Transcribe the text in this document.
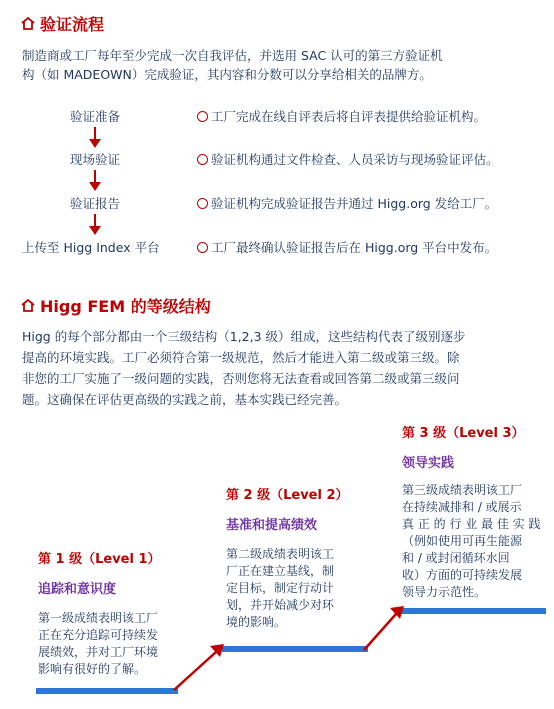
验证流程
制造商或工厂每年至少完成一次自我评估，并选用 SAC 认可的第三方验证机
构（如 MADEOWN）完成验证，其内容和分数可以分享给相关的品牌方。
验证准备	工厂完成在线自评表后将自评表提供给验证机构。
现场验证	验证机构通过文件检查、人员采访与现场验证评估。
验证报告	验证机构完成验证报告并通过 Higg.org 发给工厂。
上传至 Higg Index 平台	工厂最终确认验证报告后在 Higg.org 平台中发布。
Higg FEM 的等级结构
Higg 的每个部分都由一个三级结构（1,2,3 级）组成，这些结构代表了级别逐步
提高的环境实践。工厂必须符合第一级规范，然后才能进入第二级或第三级。除
非您的工厂实施了一级问题的实践，否则您将无法查看或回答第二级或第三级问
题。这确保在评估更高级的实践之前，基本实践已经完善。
第 3 级（Level 3）
领导实践
第三级成绩表明该工厂
在持续减排和 / 或展示
真 正 的 行 业 最 佳 实 践
（例如使用可再生能源
和 / 或封闭循环水回
收）方面的可持续发展
领导力示范性。
第 2 级（Level 2）
基准和提高绩效
第二级成绩表明该工
厂正在建立基线，制
定目标，制定行动计
划，并开始减少对环
境的影响。
第 1 级（Level 1）
追踪和意识度
第一级成绩表明该工厂
正在充分追踪可持续发
展绩效，并对工厂环境
影响有很好的了解。
